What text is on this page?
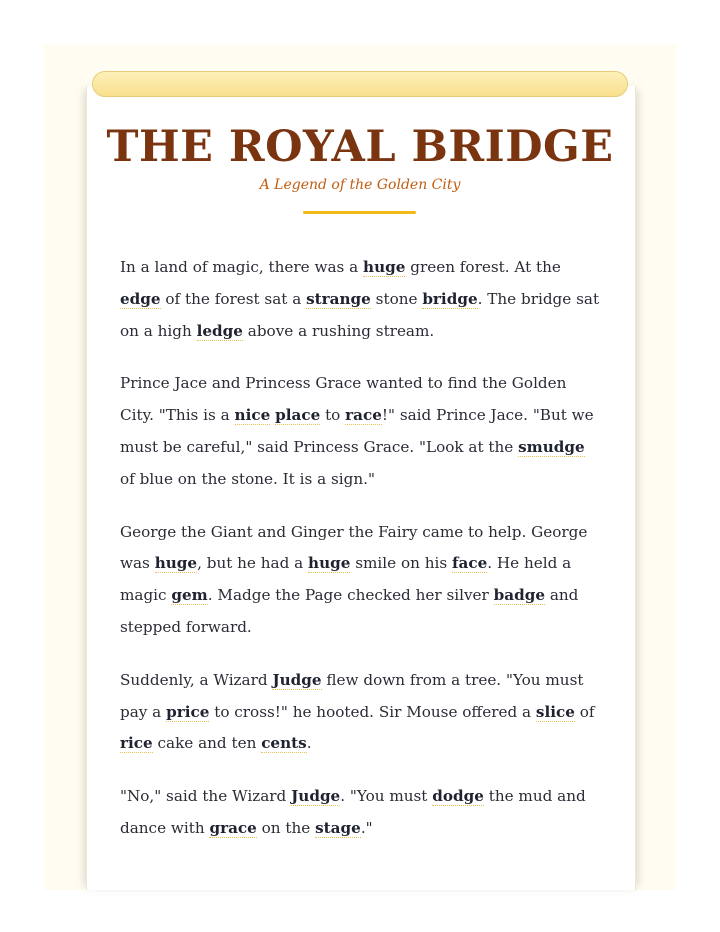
THE ROYAL BRIDGE
A Legend of the Golden City

In a land of magic, there was a huge green forest. At the edge of the forest sat a strange stone bridge. The bridge sat on a high ledge above a rushing stream.

Prince Jace and Princess Grace wanted to find the Golden City. "This is a nice place to race!" said Prince Jace. "But we must be careful," said Princess Grace. "Look at the smudge of blue on the stone. It is a sign."

George the Giant and Ginger the Fairy came to help. George was huge, but he had a huge smile on his face. He held a magic gem. Madge the Page checked her silver badge and stepped forward.

Suddenly, a Wizard Judge flew down from a tree. "You must pay a price to cross!" he hooted. Sir Mouse offered a slice of rice cake and ten cents.

"No," said the Wizard Judge. "You must dodge the mud and dance with grace on the stage."
